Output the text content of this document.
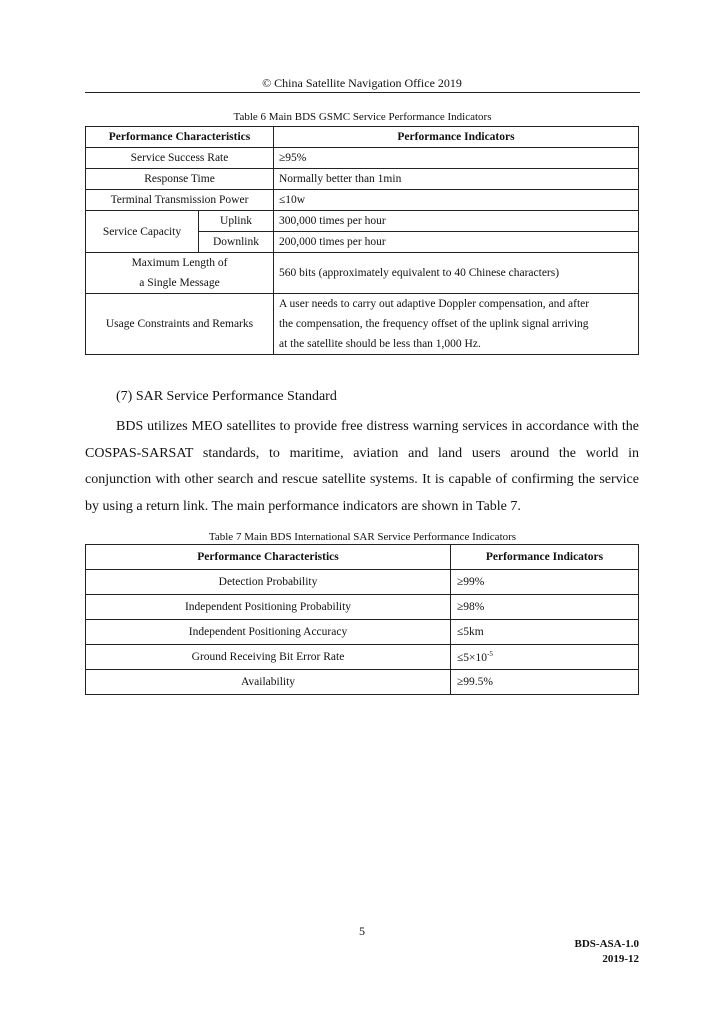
© China Satellite Navigation Office 2019
Table 6 Main BDS GSMC Service Performance Indicators
Performance Characteristics		Performance Indicators
Service Success Rate		≥95%
Response Time		Normally better than 1min
Terminal Transmission Power		≤10w
Service Capacity	Uplink	300,000 times per hour
	Downlink	200,000 times per hour

Maximum Length of
a Single Message		560 bits (approximately equivalent to 40 Chinese characters)
Usage Constraints and Remarks		A user needs to carry out adaptive Doppler compensation, and after
the compensation, the frequency offset of the uplink signal arriving
at the satellite should be less than 1,000 Hz.
(7) SAR Service Performance Standard

BDS utilizes MEO satellites to provide free distress warning services in accordance with the COSPAS-SARSAT standards, to maritime, aviation and land users around the world in conjunction with other search and rescue satellite systems. It is capable of confirming the service by using a return link. The main performance indicators are shown in Table 7.

Table 7 Main BDS International SAR Service Performance Indicators
Performance Characteristics	Performance Indicators
Detection Probability	≥99%
Independent Positioning Probability	≥98%
Independent Positioning Accuracy	≤5km
Ground Receiving Bit Error Rate	$\le 5\times 10^{-5}$
Availability	≥99.5%
5
BDS-ASA-1.0
2019-12
